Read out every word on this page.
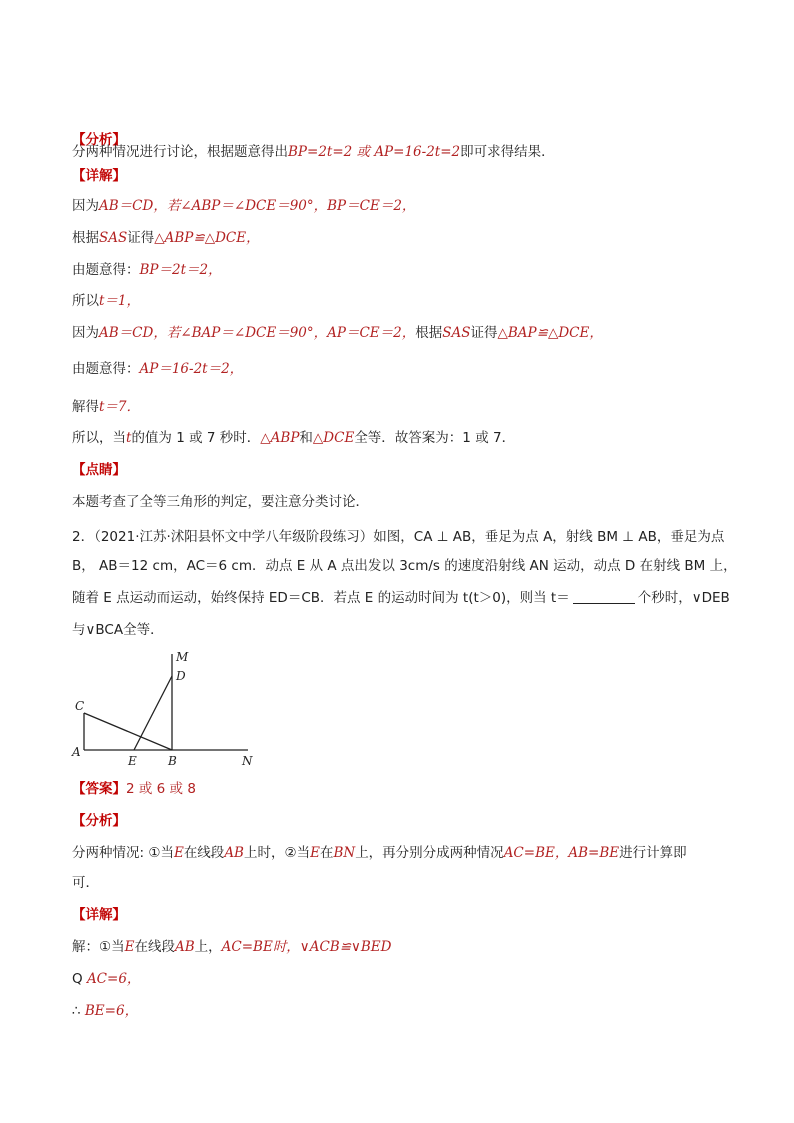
【分析】
分两种情况进行讨论，根据题意得出BP=2t=2 或 AP=16-2t=2即可求得结果．
【详解】
因为AB＝CD，若∠ABP＝∠DCE＝90°，BP＝CE＝2，
根据SAS证得△ABP≌△DCE，
由题意得：BP＝2t＝2，
所以t＝1，
因为AB＝CD，若∠BAP＝∠DCE＝90°，AP＝CE＝2，根据SAS证得△BAP≌△DCE，
由题意得：AP＝16-2t＝2，
解得t＝7．
所以，当t的值为 1 或 7 秒时．△ABP和△DCE全等．故答案为：1 或 7．
【点睛】
本题考查了全等三角形的判定，要注意分类讨论．
2．（2021·江苏·沭阳县怀文中学八年级阶段练习）如图，CA ⊥ AB，垂足为点 A，射线 BM ⊥ AB，垂足为点
B， AB＝12 cm，AC＝6 cm．动点 E 从 A 点出发以 3cm/s 的速度沿射线 AN 运动，动点 D 在射线 BM 上，
随着 E 点运动而运动，始终保持 ED＝CB．若点 E 的运动时间为 t(t＞0)，则当 t＝	个秒时，∨DEB
与∨BCA全等．
M
D
C
A
E	B	N
【答案】2 或 6 或 8
【分析】
分两种情况: ①当E在线段AB上时，②当E在BN上，再分别分成两种情况AC=BE，AB=BE进行计算即
可．
【详解】
解：①当E在线段AB上，AC=BE时，∨ACB≌∨BED
Q AC=6，
∴ BE=6，
